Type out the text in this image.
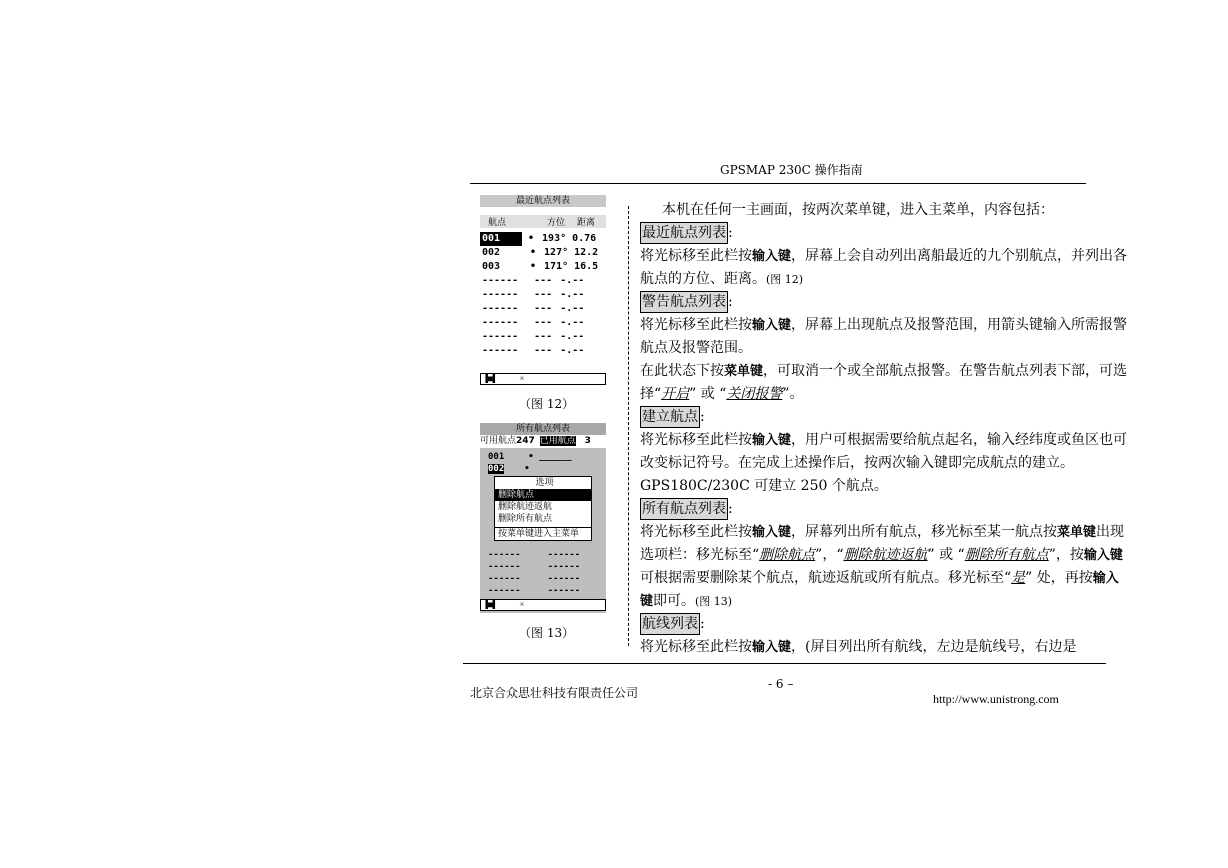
GPSMAP 230C 操作指南
最近航点列表
航点	方位 距离
001	• 193° 0.76
002	• 127° 12.2
003	• 171° 16.5
------ --- -.--
------ --- -.--
------ --- -.--
------ --- -.--
------ --- -.--
------ --- -.--
▐■▌	☼
（图 12）
所有航点列表
可用航点247 已用航点 3
001	• ______
002 •
------     ------
------     ------
------     ------
------     ------
选项
删除航点
删除航迹返航
删除所有航点
按菜单键进入主菜单
▐■▌	☼
（图 13）

本机在任何一主画面，按两次菜单键，进入主菜单，内容包括：

最近航点列表 :

将光标移至此栏按输入键，屏幕上会自动列出离船最近的九个别航点，并列出各航点的方位、距离。(图 12)

警告航点列表 :

将光标移至此栏按输入键，屏幕上出现航点及报警范围，用箭头键输入所需报警航点及报警范围。

在此状态下按菜单键，可取消一个或全部航点报警。在警告航点列表下部，可选择“开启” 或 “关闭报警”。

建立航点 :

将光标移至此栏按输入键，用户可根据需要给航点起名，输入经纬度或鱼区也可改变标记符号。在完成上述操作后，按两次输入键即完成航点的建立。GPS180C/230C 可建立 250 个航点。

所有航点列表 :

将光标移至此栏按输入键，屏幕列出所有航点，移光标至某一航点按菜单键出现选项栏：移光标至“删除航点”，“删除航迹返航” 或 “删除所有航点”，按输入键可根据需要删除某个航点，航迹返航或所有航点。移光标至“是” 处，再按输入键即可。(图 13)

航线列表 :

将光标移至此栏按输入键，(屏目列出所有航线，左边是航线号，右边是

北京合众思壮科技有限责任公司
- 6 –
http://www.unistrong.com
